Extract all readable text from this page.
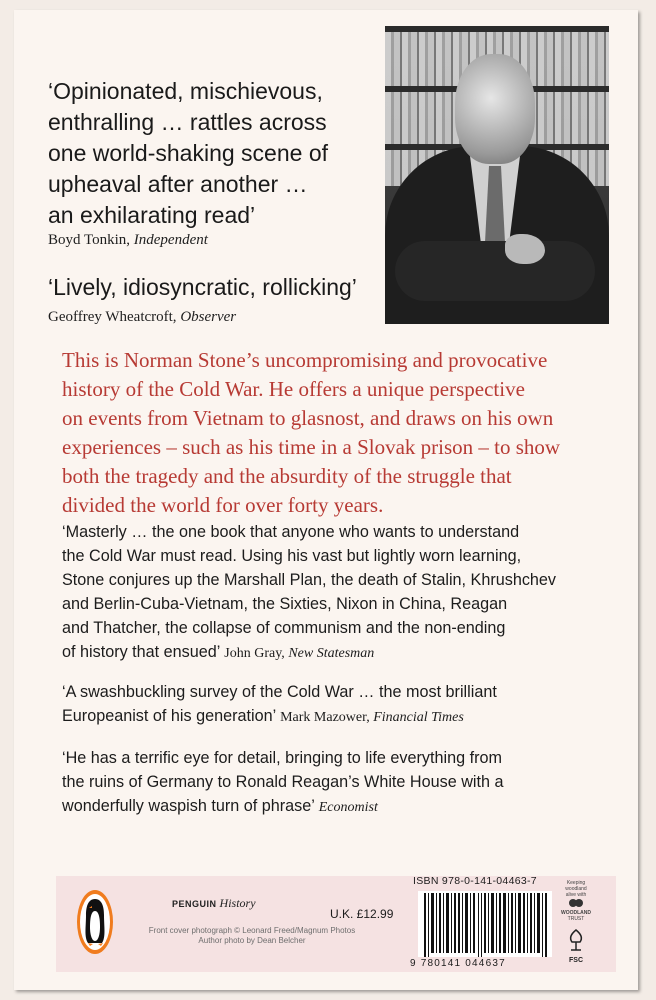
‘Opinionated, mischievous,
enthralling … rattles across
one world-shaking scene of
upheaval after another …
an exhilarating read’

Boyd Tonkin, Independent

‘Lively, idiosyncratic, rollicking’

Geoffrey Wheatcroft, Observer

This is Norman Stone’s uncompromising and provocative
history of the Cold War. He offers a unique perspective
on events from Vietnam to glasnost, and draws on his own
experiences – such as his time in a Slovak prison – to show
both the tragedy and the absurdity of the struggle that
divided the world for over forty years.

‘Masterly … the one book that anyone who wants to understand
the Cold War must read. Using his vast but lightly worn learning,
Stone conjures up the Marshall Plan, the death of Stalin, Khrushchev
and Berlin-Cuba-Vietnam, the Sixties, Nixon in China, Reagan
and Thatcher, the collapse of communism and the non-ending
of history that ensued’ John Gray, New Statesman

‘A swashbuckling survey of the Cold War … the most brilliant
Europeanist of his generation’ Mark Mazower, Financial Times

‘He has a terrific eye for detail, bringing to life everything from
the ruins of Germany to Ronald Reagan’s White House with a
wonderfully waspish turn of phrase’ Economist

PENGUIN History
Front cover photograph © Leonard Freed/Magnum Photos
Author photo by Dean Belcher
U.K. £12.99
ISBN 978-0-141-04463-7
9 780141 044637
Keeping
woodland
alive with
WOODLAND
TRUST
FSC
